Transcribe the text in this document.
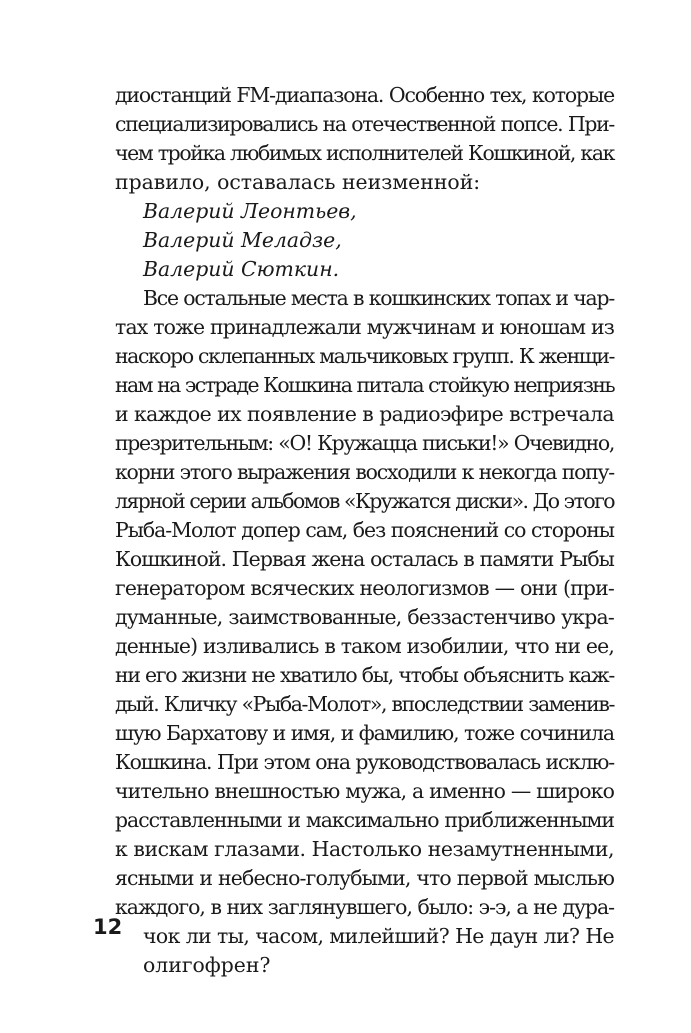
диостанций FM-диапазона. Особенно тех, которые
специализировались на отечественной попсе. При-
чем тройка любимых исполнителей Кошкиной, как
правило, оставалась неизменной:
Валерий Леонтьев,
Валерий Меладзе,
Валерий Сюткин.
Все остальные места в кошкинских топах и чар-
тах тоже принадлежали мужчинам и юношам из
наскоро склепанных мальчиковых групп. К женщи-
нам на эстраде Кошкина питала стойкую неприязнь
и каждое их появление в радиоэфире встречала
презрительным: «О! Кружацца письки!» Очевидно,
корни этого выражения восходили к некогда попу-
лярной серии альбомов «Кружатся диски». До этого
Рыба-Молот допер сам, без пояснений со стороны
Кошкиной. Первая жена осталась в памяти Рыбы
генератором всяческих неологизмов — они (при-
думанные, заимствованные, беззастенчиво укра-
денные) изливались в таком изобилии, что ни ее,
ни его жизни не хватило бы, чтобы объяснить каж-
дый. Кличку «Рыба-Молот», впоследствии заменив-
шую Бархатову и имя, и фамилию, тоже сочинила
Кошкина. При этом она руководствовалась исклю-
чительно внешностью мужа, а именно — широко
расставленными и максимально приближенными
к вискам глазами. Настолько незамутненными,
ясными и небесно-голубыми, что первой мыслью
каждого, в них заглянувшего, было: э-э, а не дура-
чок ли ты, часом, милейший? Не даун ли? Не
олигофрен?
12
